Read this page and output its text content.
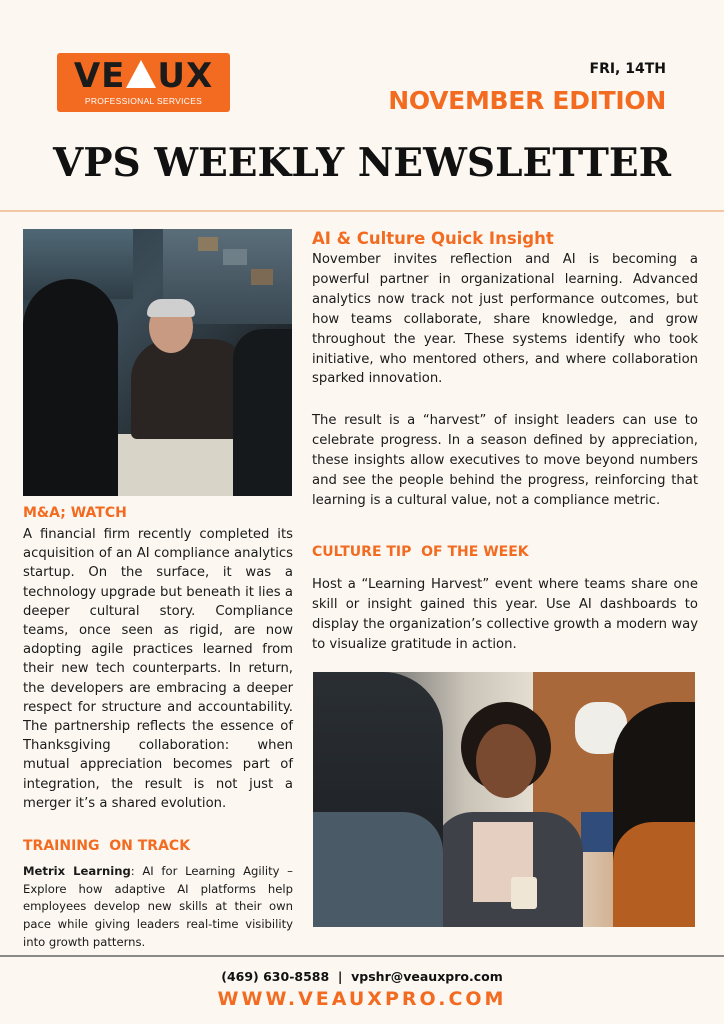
VE UX
PROFESSIONAL SERVICES
FRI, 14TH
NOVEMBER EDITION
VPS WEEKLY NEWSLETTER
AI & Culture Quick Insight

November invites reflection and AI is becoming a powerful partner in organizational learning. Advanced analytics now track not just performance outcomes, but how teams collaborate, share knowledge, and grow throughout the year. These systems identify who took initiative, who mentored others, and where collaboration sparked innovation.

The result is a “harvest” of insight leaders can use to celebrate progress. In a season defined by appreciation, these insights allow executives to move beyond numbers and see the people behind the progress, reinforcing that learning is a cultural value, not a compliance metric.

CULTURE TIP  OF THE WEEK

Host a “Learning Harvest” event where teams share one skill or insight gained this year. Use AI dashboards to display the organization’s collective growth a modern way to visualize gratitude in action.

M&A; WATCH

A financial firm recently completed its acquisition of an AI compliance analytics startup. On the surface, it was a technology upgrade but beneath it lies a deeper cultural story. Compliance teams, once seen as rigid, are now adopting agile practices learned from their new tech counterparts. In return, the developers are embracing a deeper respect for structure and accountability. The partnership reflects the essence of Thanksgiving collaboration: when mutual appreciation becomes part of integration, the result is not just a merger it’s a shared evolution.

TRAINING  ON TRACK

Metrix Learning: AI for Learning Agility – Explore how adaptive AI platforms help employees develop new skills at their own pace while giving leaders real-time visibility into growth patterns.

(469) 630-8588  |  vpshr@veauxpro.com
WWW.VEAUXPRO.COM
